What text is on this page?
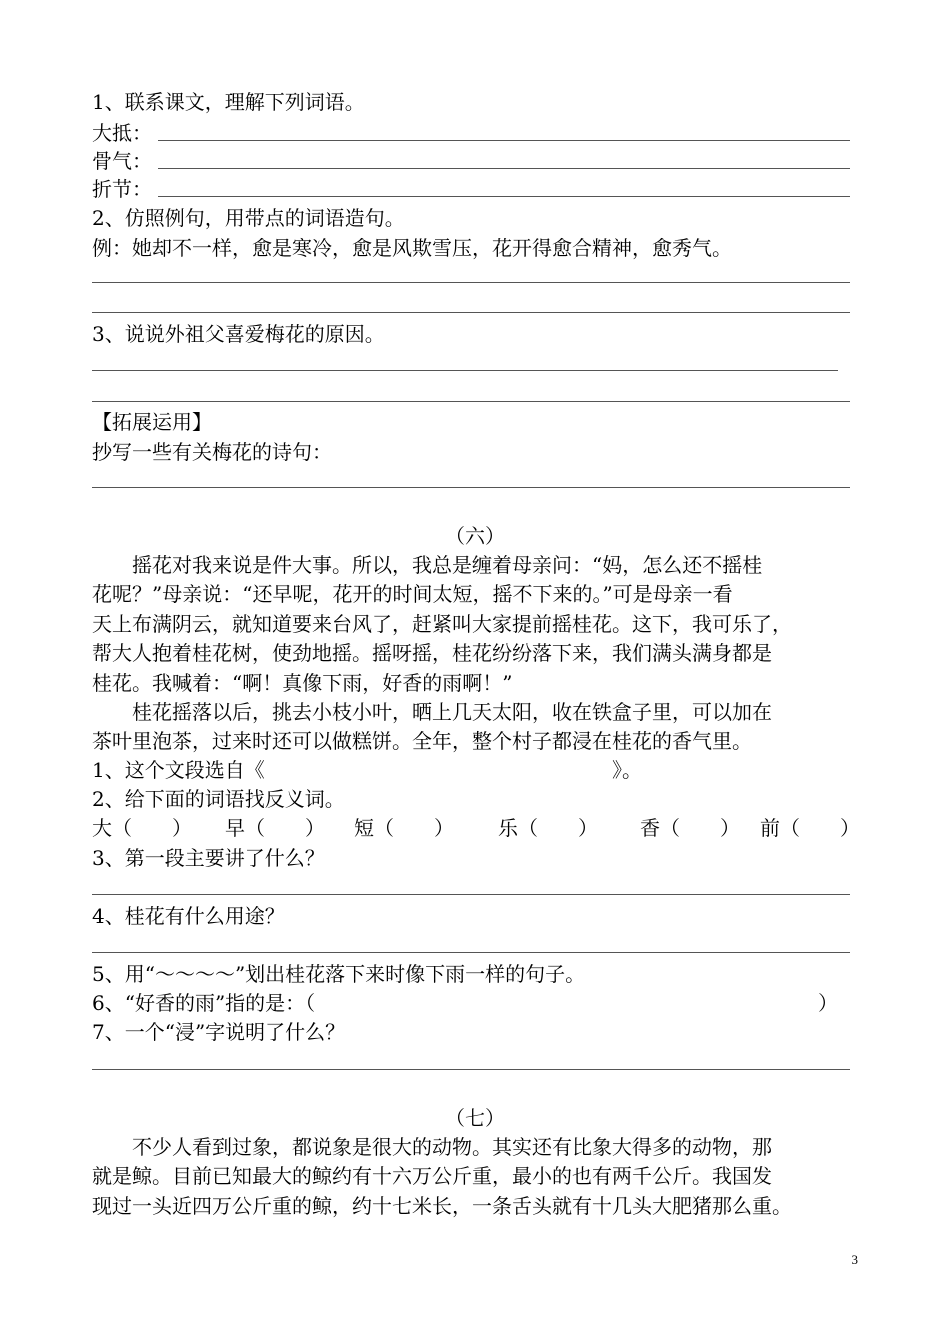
1、联系课文，理解下列词语。
大抵：
骨气：
折节：
2、仿照例句，用带点的词语造句。
例：她却不一样，愈是寒冷，愈是风欺雪压，花开得愈合精神，愈秀气。
3、说说外祖父喜爱梅花的原因。
【拓展运用】
抄写一些有关梅花的诗句：
（六）
摇花对我来说是件大事。所以，我总是缠着母亲问：“妈，怎么还不摇桂
花呢？”母亲说：“还早呢，花开的时间太短，摇不下来的。”可是母亲一看
天上布满阴云，就知道要来台风了，赶紧叫大家提前摇桂花。这下，我可乐了，
帮大人抱着桂花树，使劲地摇。摇呀摇，桂花纷纷落下来，我们满头满身都是
桂花。我喊着：“啊！真像下雨，好香的雨啊！”
桂花摇落以后，挑去小枝小叶，晒上几天太阳，收在铁盒子里，可以加在
茶叶里泡茶，过来时还可以做糕饼。全年，整个村子都浸在桂花的香气里。
1、这个文段选自《	》。
2、给下面的词语找反义词。
大（　　） 早（　　） 短（　　） 乐（　　） 香（　　） 前（　　）
3、第一段主要讲了什么？
4、桂花有什么用途？
5、用“～～～～”划出桂花落下来时像下雨一样的句子。
6、“好香的雨”指的是：（	）
7、一个“浸”字说明了什么？
（七）
不少人看到过象，都说象是很大的动物。其实还有比象大得多的动物，那
就是鲸。目前已知最大的鲸约有十六万公斤重，最小的也有两千公斤。我国发
现过一头近四万公斤重的鲸，约十七米长，一条舌头就有十几头大肥猪那么重。
3
